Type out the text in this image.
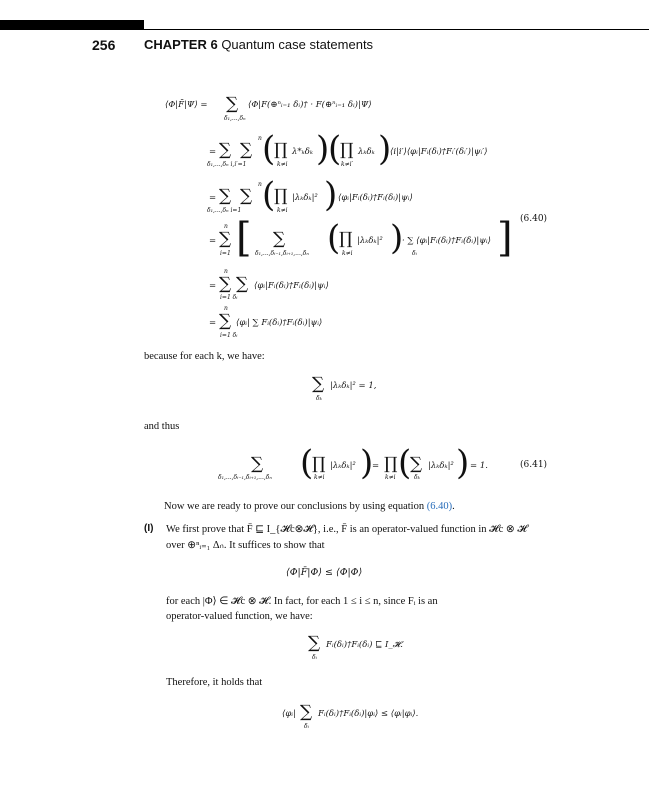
256 CHAPTER 6 Quantum case statements
⟨Φ|F̄|Ψ⟩ = ∑
δ₁,...,δₙ
⟨Φ|F(⊕ⁿᵢ₌₁ δᵢ)† · F(⊕ⁿᵢ₌₁ δᵢ)|Ψ⟩
= ∑ ∑
n
δ₁,...,δₙ i,i′=1 (
∏
k≠i
λ*ₖδₖ )
(
∏
k≠i′
λₖδₖ )
⟨i|i′⟩⟨φᵢ|Fᵢ(δᵢ)†Fᵢ′(δᵢ′)|ψᵢ′⟩
= ∑ ∑
n
δ₁,...,δₙ i=1 (
∏
k≠i
|λₖδₖ|² ) ⟨φᵢ|Fᵢ(δᵢ)†Fᵢ(δᵢ)|ψᵢ⟩
(6.40)
= ∑
n
i=1 [ ∑
δ₁,...,δᵢ₋₁,δᵢ₊₁,...,δₙ (
∏
k≠i
|λₖδₖ|² )
· ∑ ⟨φᵢ|Fᵢ(δᵢ)†Fᵢ(δᵢ)|ψᵢ⟩
δᵢ ]
= ∑ ∑
n
i=1 δᵢ
⟨φᵢ|Fᵢ(δᵢ)†Fᵢ(δᵢ)|ψᵢ⟩
= ∑
n
i=1 δᵢ
⟨φᵢ| ∑ Fᵢ(δᵢ)†Fᵢ(δᵢ)|ψᵢ⟩
because for each k, we have:
∑
δₖ
|λₖδₖ|² = 1,
and thus
∑
δ₁,...,δᵢ₋₁,δᵢ₊₁,...,δₙ (
∏
k≠i
|λₖδₖ|² )
= ∏
k≠i (
∑
δₖ
|λₖδₖ|² ) = 1.	(6.41)
Now we are ready to prove our conclusions by using equation (6.40).
(I) We first prove that F̄ ⊑ I_{𝓗c⊗𝓗}, i.e., F̄ is an operator-valued function in 𝓗c ⊗ 𝓗
over ⊕ⁿᵢ₌₁ Δₙ. It suffices to show that
⟨Φ|F̄|Φ⟩ ≤ ⟨Φ|Φ⟩
for each |Φ⟩ ∈ 𝓗c ⊗ 𝓗. In fact, for each 1 ≤ i ≤ n, since Fᵢ is an
operator-valued function, we have:
∑
δᵢ
Fᵢ(δᵢ)†Fᵢ(δᵢ) ⊑ I_𝓗.
Therefore, it holds that
⟨φᵢ| ∑
δᵢ
Fᵢ(δᵢ)†Fᵢ(δᵢ)|φᵢ⟩ ≤ ⟨φᵢ|φᵢ⟩.
